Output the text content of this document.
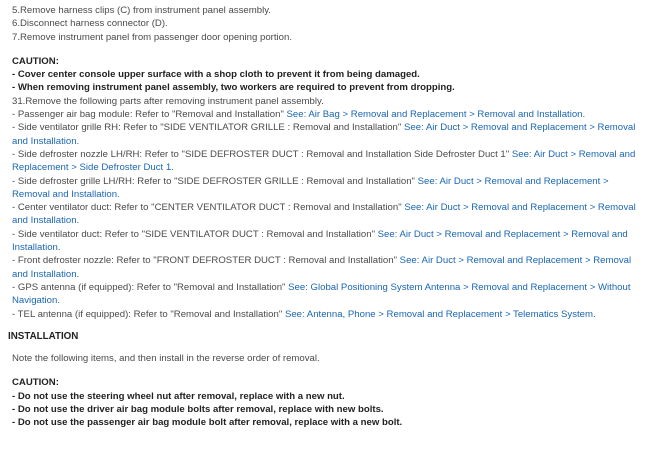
5.Remove harness clips (C) from instrument panel assembly.

6.Disconnect harness connector (D).

7.Remove instrument panel from passenger door opening portion.

CAUTION:

- Cover center console upper surface with a shop cloth to prevent it from being damaged.

- When removing instrument panel assembly, two workers are required to prevent from dropping.

31.Remove the following parts after removing instrument panel assembly.

- Passenger air bag module: Refer to "Removal and Installation" See: Air Bag > Removal and Replacement > Removal and Installation.

- Side ventilator grille RH: Refer to "SIDE VENTILATOR GRILLE : Removal and Installation" See: Air Duct > Removal and Replacement > Removal and Installation.

- Side defroster nozzle LH/RH: Refer to "SIDE DEFROSTER DUCT : Removal and Installation Side Defroster Duct 1" See: Air Duct > Removal and Replacement > Side Defroster Duct 1.

- Side defroster grille LH/RH: Refer to "SIDE DEFROSTER GRILLE : Removal and Installation" See: Air Duct > Removal and Replacement > Removal and Installation.

- Center ventilator duct: Refer to "CENTER VENTILATOR DUCT : Removal and Installation" See: Air Duct > Removal and Replacement > Removal and Installation.

- Side ventilator duct: Refer to "SIDE VENTILATOR DUCT : Removal and Installation" See: Air Duct > Removal and Replacement > Removal and Installation.

- Front defroster nozzle: Refer to "FRONT DEFROSTER DUCT : Removal and Installation" See: Air Duct > Removal and Replacement > Removal and Installation.

- GPS antenna (if equipped): Refer to "Removal and Installation" See: Global Positioning System Antenna > Removal and Replacement > Without Navigation.

- TEL antenna (if equipped): Refer to "Removal and Installation" See: Antenna, Phone > Removal and Replacement > Telematics System.

INSTALLATION

Note the following items, and then install in the reverse order of removal.

CAUTION:

- Do not use the steering wheel nut after removal, replace with a new nut.

- Do not use the driver air bag module bolts after removal, replace with new bolts.

- Do not use the passenger air bag module bolt after removal, replace with a new bolt.
